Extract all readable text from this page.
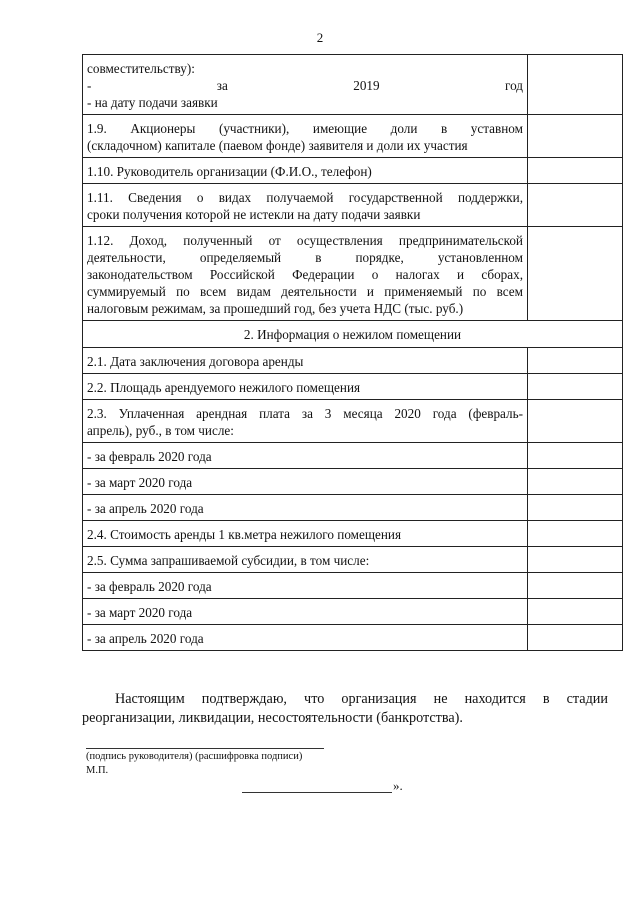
2
совместительству):
- за 2019 год
- на дату подачи заявки	

1.9. Акционеры (участники), имеющие доли в уставном
(складочном) капитале (паевом фонде) заявителя и доли их участия	

1.10. Руководитель организации (Ф.И.О., телефон)	

1.11. Сведения о видах получаемой государственной поддержки,
сроки получения которой не истекли на дату подачи заявки	

1.12. Доход, полученный от осуществления предпринимательской
деятельности, определяемый в порядке, установленном
законодательством Российской Федерации о налогах и сборах,
суммируемый по всем видам деятельности и применяемый по всем
налоговым режимам, за прошедший год, без учета НДС (тыс. руб.)	

2. Информация о нежилом помещении	

2.1. Дата заключения договора аренды	

2.2. Площадь арендуемого нежилого помещения	

2.3. Уплаченная арендная плата за 3 месяца 2020 года (февраль-
апрель), руб., в том числе:	

- за февраль 2020 года	

- за март 2020 года	

- за апрель 2020 года	

2.4. Стоимость аренды 1 кв.метра нежилого помещения	

2.5. Сумма запрашиваемой субсидии, в том числе:	

- за февраль 2020 года	

- за март 2020 года	

- за апрель 2020 года	

Настоящим подтверждаю, что организация не находится в стадии реорганизации, ликвидации, несостоятельности (банкротства).
(подпись руководителя) (расшифровка подписи)
М.П.
».
